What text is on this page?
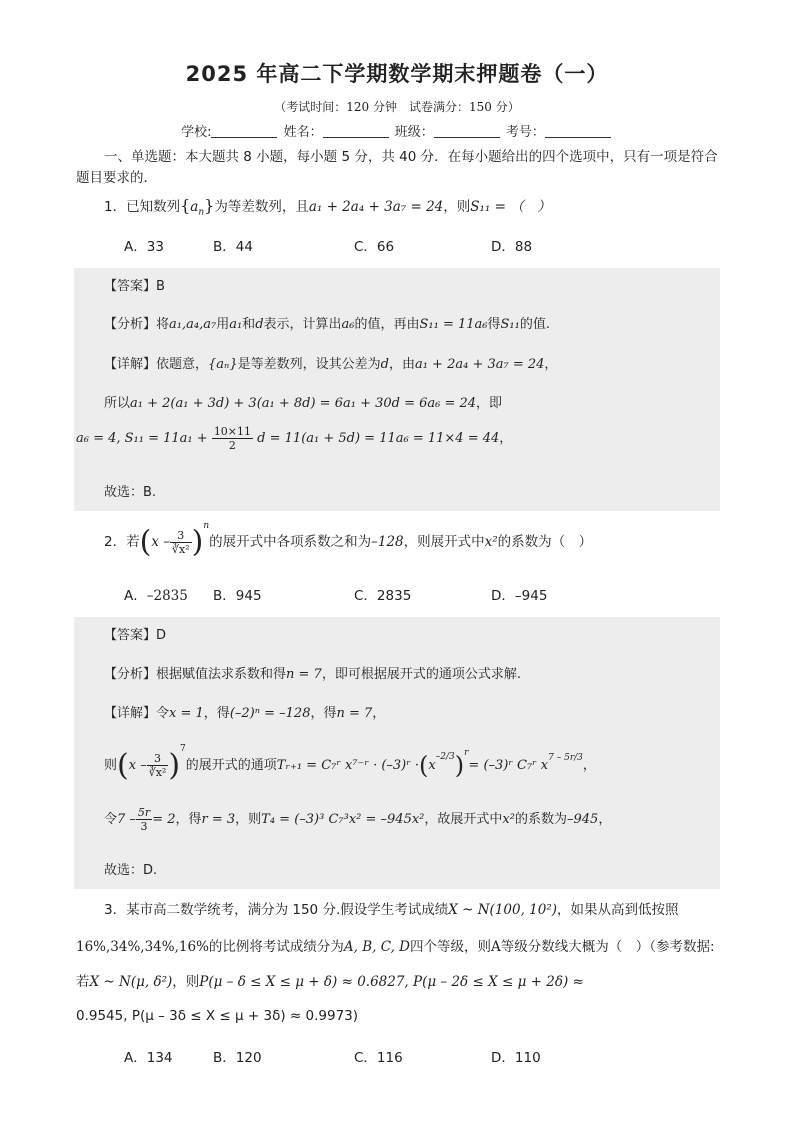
2025 年高二下学期数学期末押题卷（一）
（考试时间：120 分钟　试卷满分：150 分）
学校:	姓名：	班级：	考号：
一、单选题：本大题共 8 小题，每小题 5 分，共 40 分．在每小题给出的四个选项中，只有一项是符合题目要求的．
1．已知数列$\{a_n\}$为等差数列，且a₁ + 2a₄ + 3a₇ = 24，则S₁₁ = （　）
A．33	B．44	C．66	D．88
【答案】B
【分析】将a₁,a₄,a₇用a₁和d表示，计算出a₆的值，再由S₁₁ = 11a₆得S₁₁的值.
【详解】依题意，{aₙ}是等差数列，设其公差为d，由a₁ + 2a₄ + 3a₇ = 24，
所以a₁ + 2(a₁ + 3d) + 3(a₁ + 8d) = 6a₁ + 30d = 6a₆ = 24，即
a₆ = 4, $S_{11} = 11a_1 + \frac{10\times 11}{2}$ d = 11(a₁ + 5d) = 11a₆ = 11×4 = 44，
故选：B.
2．若$(x - \frac{3}{\text{∛x²}} )^n$的展开式中各项系数之和为–128，则展开式中x²的系数为（　）
A．–2835 B．945	C．2835	D．–945
【答案】D
【分析】根据赋值法求系数和得n = 7，即可根据展开式的通项公式求解.
【详解】令x = 1，得(–2)ⁿ = –128，得n = 7，
则$(x - \frac{3}{\text{∛x²}} )^7$的展开式的通项Tᵣ₊₁ = C₇ʳ x⁷⁻ʳ · (–3)ʳ $\cdot(x^{-2/3})^r=$ (–3)ʳ C₇ʳ $x^{7 - 5r/3}$，
令$7 - \frac{5r}{3} = 2$，得r = 3，则T₄ = (–3)³ C₇³x² = –945x²，故展开式中x²的系数为–945，
故选：D.
3．某市高二数学统考，满分为 150 分.假设学生考试成绩X ~ N(100, 10²)，如果从高到低按照
16%,34%,34%,16%的比例将考试成绩分为A, B, C, D四个等级，则A等级分数线大概为（　）（参考数据:
若X ~ N(μ, δ²)，则P(μ – δ ≤ X ≤ μ + δ) ≈ 0.6827, P(μ – 2δ ≤ X ≤ μ + 2δ) ≈
0.9545, P(μ – 3δ ≤ X ≤ μ + 3δ) ≈ 0.9973)
A．134	B．120	C．116	D．110
